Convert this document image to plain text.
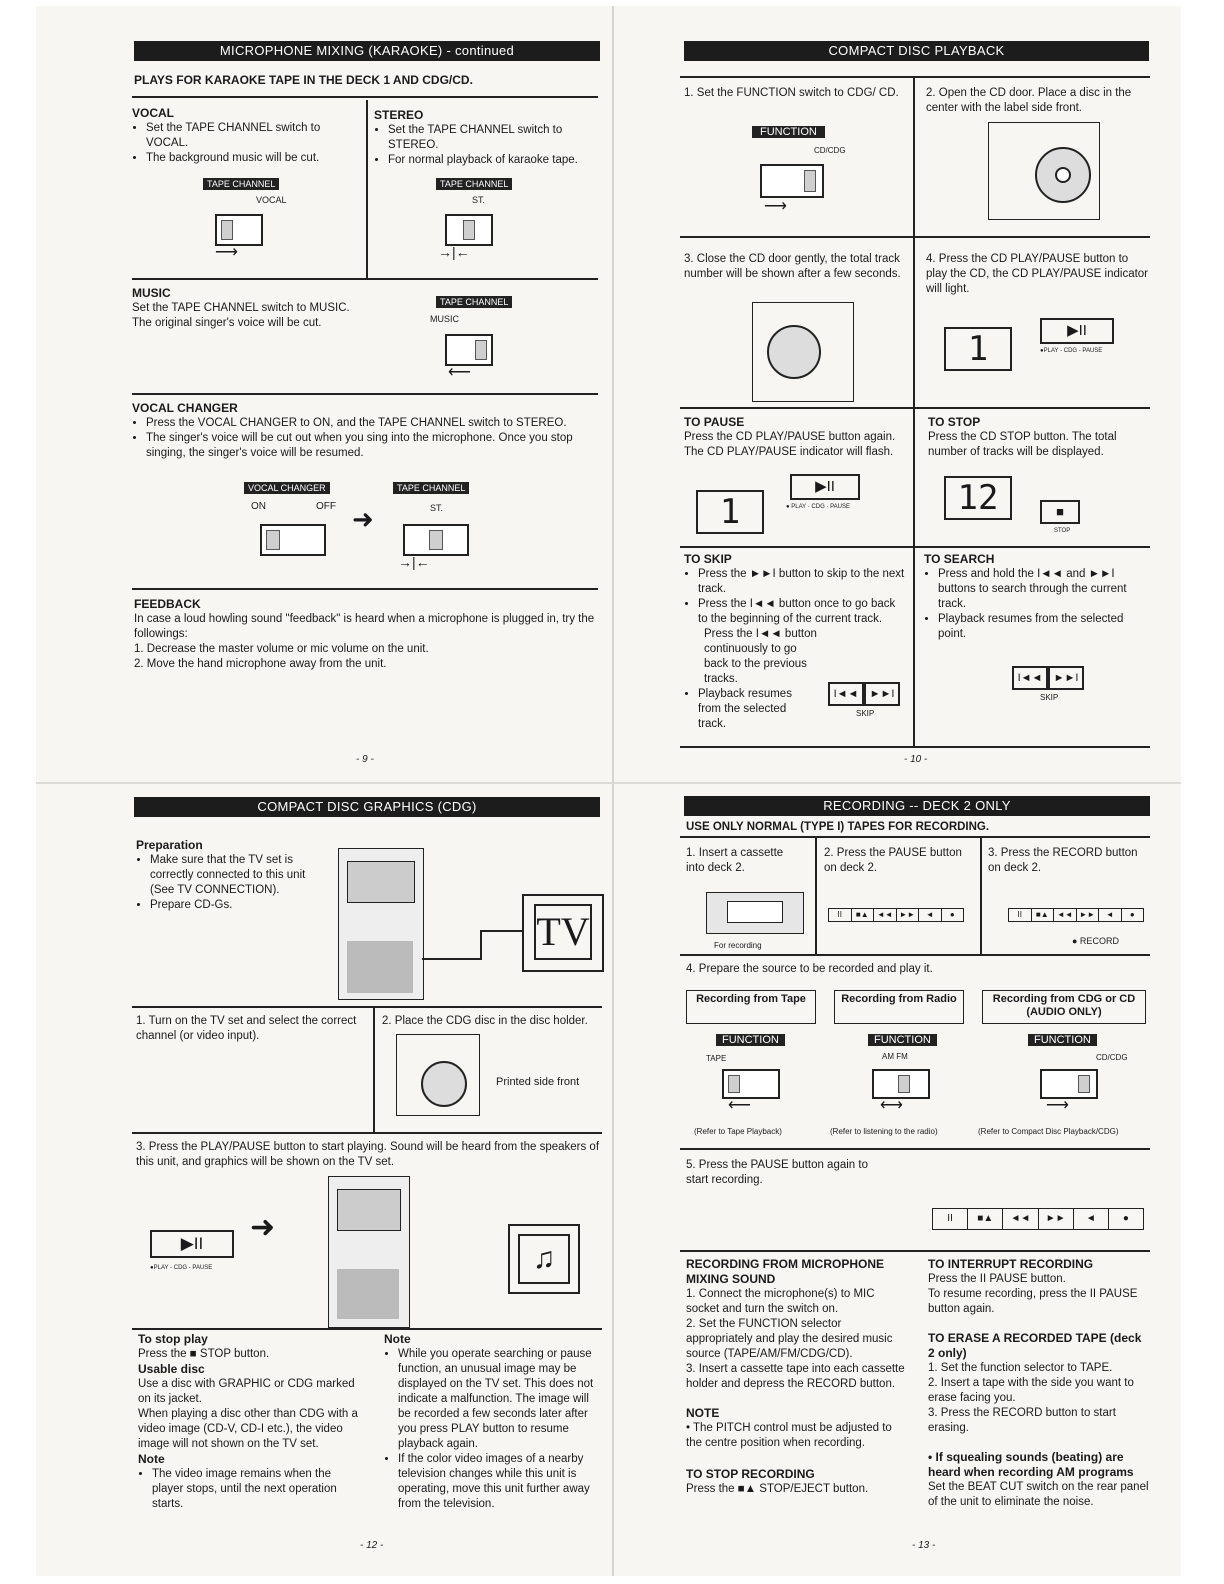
MICROPHONE MIXING (KARAOKE) - continued
PLAYS FOR KARAOKE TAPE IN THE DECK 1 AND CDG/CD.
VOCAL
• Set the TAPE CHANNEL switch to VOCAL.
• The background music will be cut.
TAPE CHANNEL
VOCAL
⟶
STEREO
• Set the TAPE CHANNEL switch to STEREO.
• For normal playback of karaoke tape.
TAPE CHANNEL
ST.
→|←
MUSIC
Set the TAPE CHANNEL switch to MUSIC.
The original singer's voice will be cut.
TAPE CHANNEL
MUSIC
⟵
VOCAL CHANGER
• Press the VOCAL CHANGER to ON, and the TAPE CHANNEL switch to STEREO.
• The singer's voice will be cut out when you sing into the microphone. Once you stop singing, the singer's voice will be resumed.
VOCAL CHANGER
ON	OFF ➜
TAPE CHANNEL
ST.
→|←
FEEDBACK
In case a loud howling sound "feedback" is heard when a microphone is plugged in, try the followings:
1. Decrease the master volume or mic volume on the unit.
2. Move the hand microphone away from the unit.
- 9 -
COMPACT DISC PLAYBACK
1. Set the FUNCTION switch to CDG/ CD.
FUNCTION
CD/CDG
⟶
2. Open the CD door. Place a disc in the center with the label side front.
3. Close the CD door gently, the total track number will be shown after a few seconds.
4. Press the CD PLAY/PAUSE button to play the CD, the CD PLAY/PAUSE indicator will light.
1	▶II
●PLAY - CDG - PAUSE
TO PAUSE
Press the CD PLAY/PAUSE button again. The CD PLAY/PAUSE indicator will flash.
1
▶II
● PLAY · CDG · PAUSE
TO STOP
Press the CD STOP button. The total number of tracks will be displayed.
12	■
STOP
TO SKIP
• Press the ►►I button to skip to the next track.
• Press the I◄◄ button once to go back to the beginning of the current track.
Press the I◄◄ button continuously to go back to the previous tracks.
• Playback resumes from the selected track.
I◄◄	►►I
SKIP
TO SEARCH
• Press and hold the I◄◄ and ►►I buttons to search through the current track.
• Playback resumes from the selected point.
I◄◄	►►I
SKIP
- 10 -
COMPACT DISC GRAPHICS (CDG)
Preparation
• Make sure that the TV set is correctly connected to this unit (See TV CONNECTION).
• Prepare CD-Gs.
TV
1. Turn on the TV set and select the correct channel (or video input).
2. Place the CDG disc in the disc holder.
Printed side front
3. Press the PLAY/PAUSE button to start playing. Sound will be heard from the speakers of this unit, and graphics will be shown on the TV set.
▶II
●PLAY - CDG - PAUSE
➜
♫
To stop play
Press the ■ STOP button.
Usable disc
Use a disc with GRAPHIC or CDG marked on its jacket.
When playing a disc other than CDG with a video image (CD-V, CD-I etc.), the video image will not shown on the TV set.
Note
• The video image remains when the player stops, until the next operation starts.
Note
• While you operate searching or pause function, an unusual image may be displayed on the TV set. This does not indicate a malfunction. The image will be recorded a few seconds later after you press PLAY button to resume playback again.
• If the color video images of a nearby television changes while this unit is operating, move this unit further away from the television.
- 12 -
RECORDING -- DECK 2 ONLY
USE ONLY NORMAL (TYPE I) TAPES FOR RECORDING.
1. Insert a cassette into deck 2.
For recording
2. Press the PAUSE button on deck 2.
II	■▲	◄◄ ►►	◄	●
3. Press the RECORD button on deck 2.
II	■▲	◄◄ ►►	◄	●
● RECORD
4. Prepare the source to be recorded and play it.
Recording from Tape	Recording from Radio	Recording from CDG or CD (AUDIO ONLY)
FUNCTION
TAPE
⟵
(Refer to Tape Playback)
FUNCTION
AM FM
⟷
(Refer to listening to the radio)
FUNCTION
CD/CDG
⟶
(Refer to Compact Disc Playback/CDG)
5. Press the PAUSE button again to start recording.
II	■▲	◄◄	►►	◄	●
RECORDING FROM MICROPHONE MIXING SOUND
1. Connect the microphone(s) to MIC socket and turn the switch on.
2. Set the FUNCTION selector appropriately and play the desired music source (TAPE/AM/FM/CDG/CD).
3. Insert a cassette tape into each cassette holder and depress the RECORD button.
NOTE
• The PITCH control must be adjusted to the centre position when recording.
TO STOP RECORDING
Press the ■▲ STOP/EJECT button.
TO INTERRUPT RECORDING
Press the II PAUSE button.
To resume recording, press the II PAUSE button again.
TO ERASE A RECORDED TAPE (deck 2 only)
1. Set the function selector to TAPE.
2. Insert a tape with the side you want to erase facing you.
3. Press the RECORD button to start erasing.
• If squealing sounds (beating) are heard when recording AM programs
Set the BEAT CUT switch on the rear panel of the unit to eliminate the noise.
- 13 -
